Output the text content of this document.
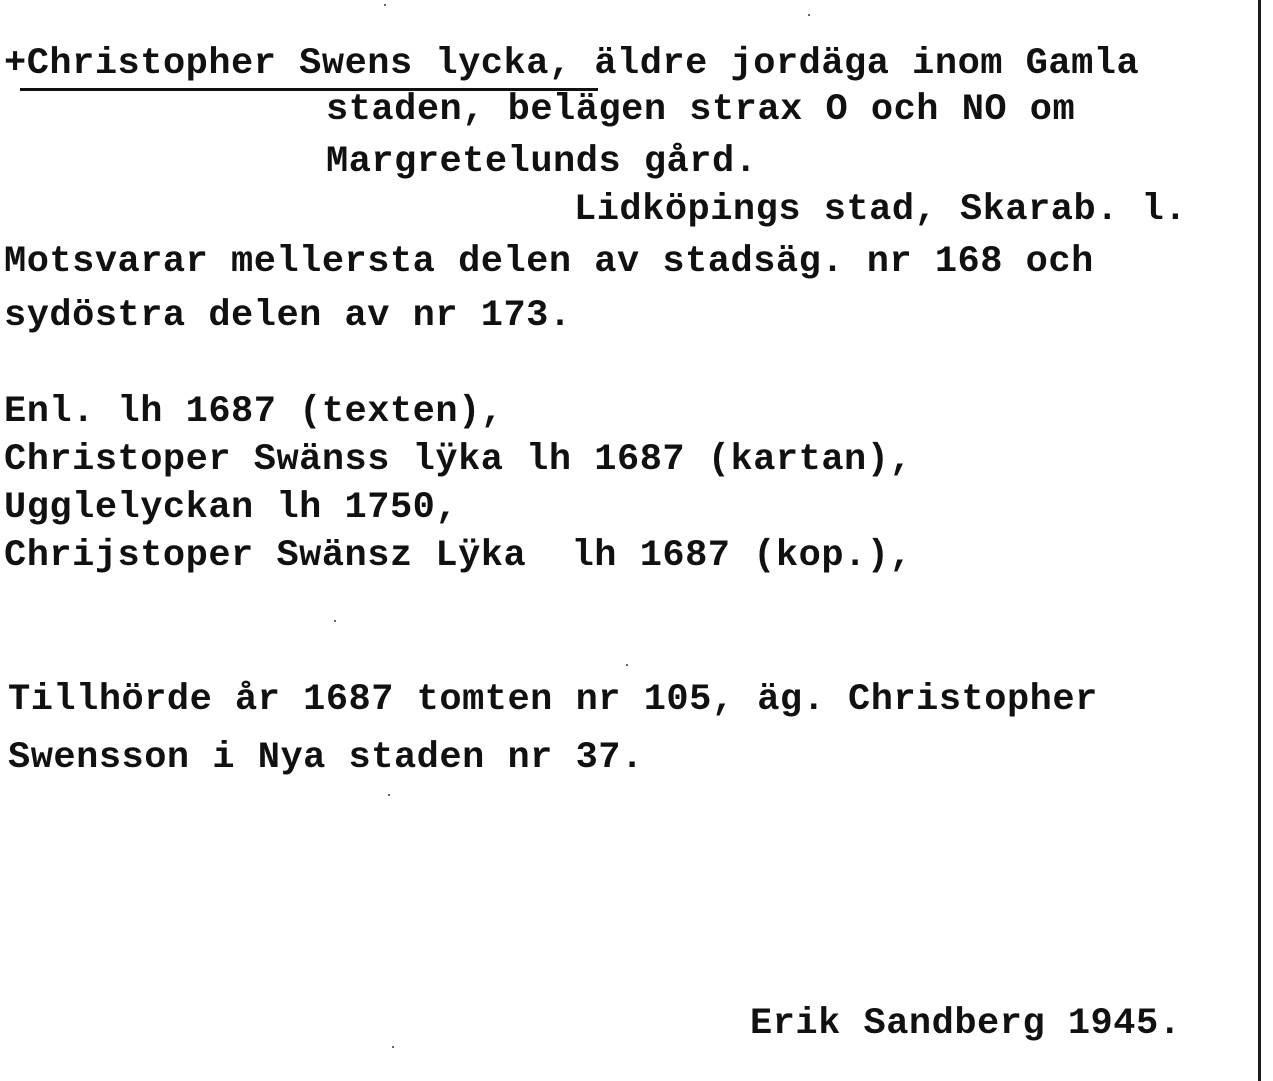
+Christopher Swens lycka, äldre jordäga inom Gamla
staden, belägen strax O och NO om
Margretelunds gård.
Lidköpings stad, Skarab. l.
Motsvarar mellersta delen av stadsäg. nr 168 och
sydöstra delen av nr 173.
Enl. lh 1687 (texten),
Christoper Swänss lÿka lh 1687 (kartan),
Ugglelyckan lh 1750,
Chrijstoper Swänsz Lÿka  lh 1687 (kop.),
Tillhörde år 1687 tomten nr 105, äg. Christopher
Swensson i Nya staden nr 37.
Erik Sandberg 1945.
